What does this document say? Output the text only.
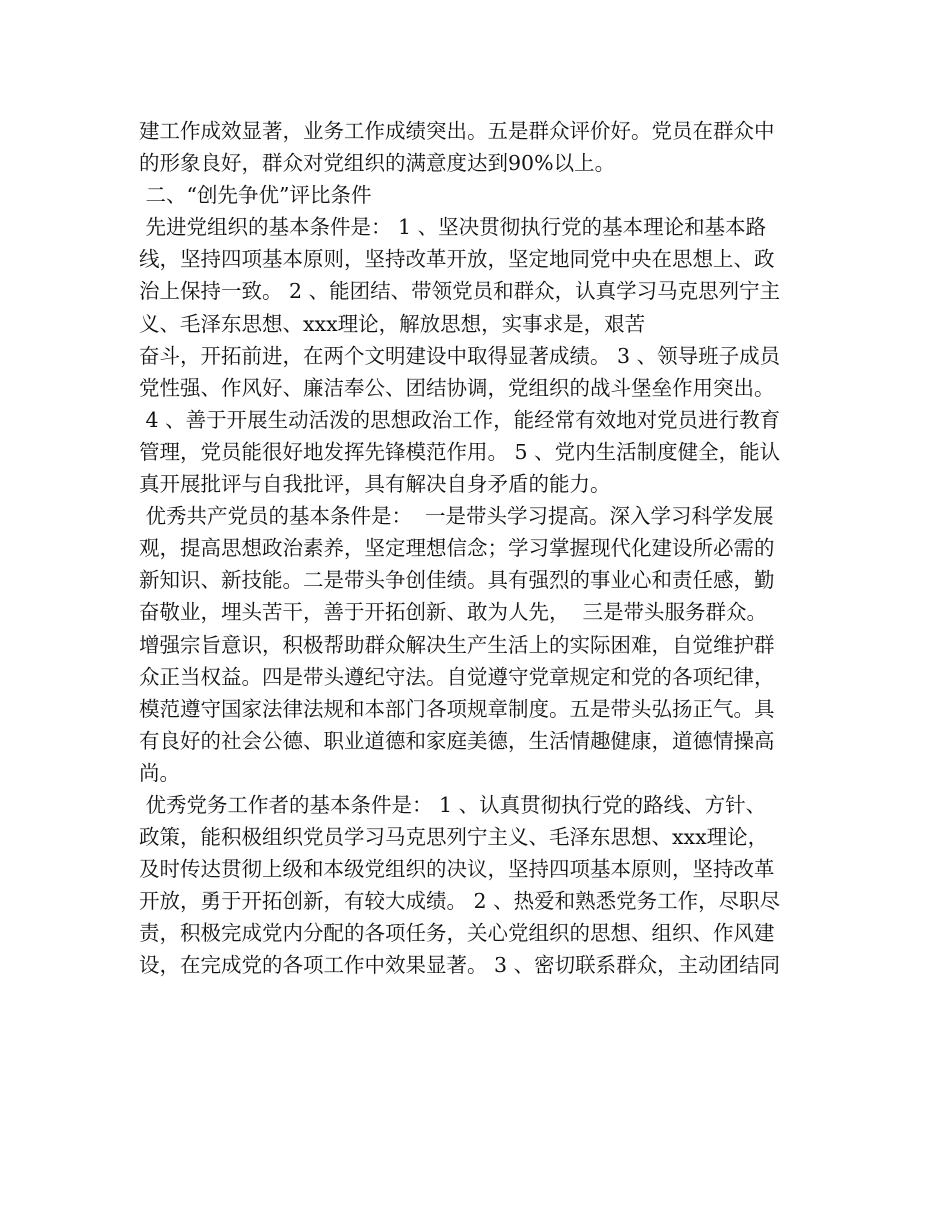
建工作成效显著，业务工作成绩突出。五是群众评价好。党员在群众中
的形象良好，群众对党组织的满意度达到90%以上。
二、“创先争优”评比条件
先进党组织的基本条件是： 1 、坚决贯彻执行党的基本理论和基本路
线，坚持四项基本原则，坚持改革开放，坚定地同党中央在思想上、政
治上保持一致。 2 、能团结、带领党员和群众，认真学习马克思列宁主
义、毛泽东思想、xxx理论，解放思想，实事求是，艰苦
奋斗，开拓前进，在两个文明建设中取得显著成绩。 3 、领导班子成员
党性强、作风好、廉洁奉公、团结协调，党组织的战斗堡垒作用突出。
4 、善于开展生动活泼的思想政治工作，能经常有效地对党员进行教育
管理，党员能很好地发挥先锋模范作用。 5 、党内生活制度健全，能认
真开展批评与自我批评，具有解决自身矛盾的能力。
优秀共产党员的基本条件是：  一是带头学习提高。深入学习科学发展
观，提高思想政治素养，坚定理想信念；学习掌握现代化建设所必需的
新知识、新技能。二是带头争创佳绩。具有强烈的事业心和责任感，勤
奋敬业，埋头苦干，善于开拓创新、敢为人先，  三是带头服务群众。
增强宗旨意识，积极帮助群众解决生产生活上的实际困难，自觉维护群
众正当权益。四是带头遵纪守法。自觉遵守党章规定和党的各项纪律，
模范遵守国家法律法规和本部门各项规章制度。五是带头弘扬正气。具
有良好的社会公德、职业道德和家庭美德，生活情趣健康，道德情操高
尚。
优秀党务工作者的基本条件是： 1 、认真贯彻执行党的路线、方针、
政策，能积极组织党员学习马克思列宁主义、毛泽东思想、xxx理论，
及时传达贯彻上级和本级党组织的决议，坚持四项基本原则，坚持改革
开放，勇于开拓创新，有较大成绩。 2 、热爱和熟悉党务工作，尽职尽
责，积极完成党内分配的各项任务，关心党组织的思想、组织、作风建
设，在完成党的各项工作中效果显著。 3 、密切联系群众，主动团结同
